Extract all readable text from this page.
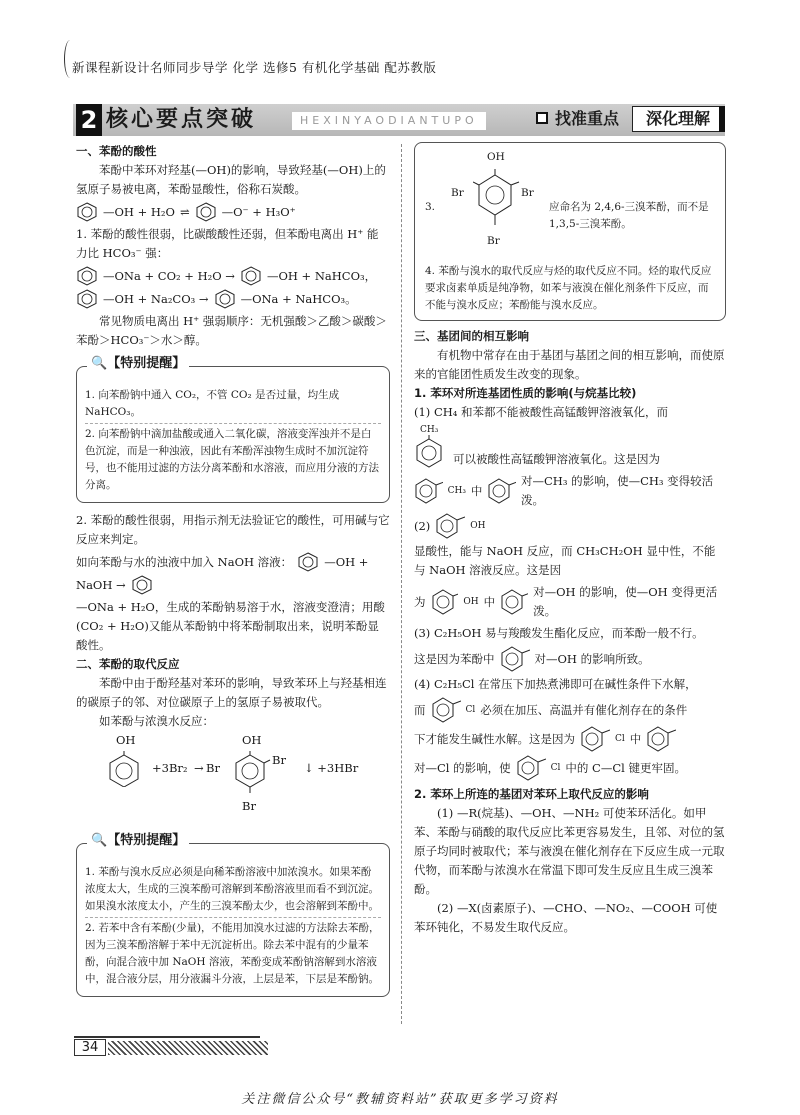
新课程新设计名师同步导学 化学 选修5 有机化学基础 配苏教版
2 核心要点突破	HEXINYAODIANTUPO	找准重点	深化理解
一、苯酚的酸性

苯酚中苯环对羟基(—OH)的影响，导致羟基(—OH)上的氢原子易被电离，苯酚显酸性，俗称石炭酸。

—OH + H₂O ⇌	—O⁻ + H₃O⁺

1. 苯酚的酸性很弱，比碳酸酸性还弱，但苯酚电离出 H⁺ 能力比 HCO₃⁻ 强：

—ONa + CO₂ + H₂O →	—OH + NaHCO₃，
—OH + Na₂CO₃ →	—ONa + NaHCO₃。

常见物质电离出 H⁺ 强弱顺序：无机强酸＞乙酸＞碳酸＞苯酚＞HCO₃⁻＞水＞醇。

🔍【特别提醒】
1. 向苯酚钠中通入 CO₂，不管 CO₂ 是否过量，均生成 NaHCO₃。
2. 向苯酚钠中滴加盐酸或通入二氧化碳，溶液变浑浊并不是白色沉淀，而是一种浊液，因此有苯酚浑浊物生成时不加沉淀符号，也不能用过滤的方法分离苯酚和水溶液，而应用分液的方法分离。

2. 苯酚的酸性很弱，用指示剂无法验证它的酸性，可用碱与它反应来判定。

如向苯酚与水的浊液中加入 NaOH 溶液：	—OH +
NaOH →

—ONa + H₂O，生成的苯酚钠易溶于水，溶液变澄清；用酸(CO₂ + H₂O)又能从苯酚钠中将苯酚制取出来，说明苯酚显酸性。

二、苯酚的取代反应

苯酚中由于酚羟基对苯环的影响，导致苯环上与羟基相连的碳原子的邻、对位碳原子上的氢原子易被取代。

如苯酚与浓溴水反应：

OH
+3Br₂ → Br
OH
Br
Br
↓ +3HBr
🔍【特别提醒】
1. 苯酚与溴水反应必须是向稀苯酚溶液中加浓溴水。如果苯酚浓度太大，生成的三溴苯酚可溶解到苯酚溶液里而看不到沉淀。如果溴水浓度太小，产生的三溴苯酚太少，也会溶解到苯酚中。
2. 若苯中含有苯酚(少量)，不能用加溴水过滤的方法除去苯酚，因为三溴苯酚溶解于苯中无沉淀析出。除去苯中混有的少量苯酚，向混合液中加 NaOH 溶液，苯酚变成苯酚钠溶解到水溶液中，混合液分层，用分液漏斗分液，上层是苯，下层是苯酚钠。
OH
3.
Br	Br
Br
应命名为 2,4,6-三溴苯酚，而不是 1,3,5-三溴苯酚。
4. 苯酚与溴水的取代反应与烃的取代反应不同。烃的取代反应要求卤素单质是纯净物，如苯与液溴在催化剂条件下反应，而不能与溴水反应；苯酚能与溴水反应。
三、基团间的相互影响

有机物中常存在由于基团与基团之间的相互影响，而使原来的官能团性质发生改变的现象。

1. 苯环对所连基团性质的影响(与烷基比较)

(1) CH₄ 和苯都不能被酸性高锰酸钾溶液氧化，而

CH₃
可以被酸性高锰酸钾溶液氧化。这是因为
CH₃ 中
对—CH₃ 的影响，使—CH₃ 变得较活泼。
(2)	OH

显酸性，能与 NaOH 反应，而 CH₃CH₂OH 显中性，不能与 NaOH 溶液反应。这是因

为	OH 中
对—OH 的影响，使—OH 变得更活泼。

(3) C₂H₅OH 易与羧酸发生酯化反应，而苯酚一般不行。

这是因为苯酚中	对—OH 的影响所致。

(4) C₂H₅Cl 在常压下加热煮沸即可在碱性条件下水解，

而	Cl 必须在加压、高温并有催化剂存在的条件
下才能发生碱性水解。这是因为	Cl 中
对—Cl 的影响，使	Cl 中的 C—Cl 键更牢固。
2. 苯环上所连的基团对苯环上取代反应的影响

(1) —R(烷基)、—OH、—NH₂ 可使苯环活化。如甲苯、苯酚与硝酸的取代反应比苯更容易发生，且邻、对位的氢原子均同时被取代；苯与液溴在催化剂存在下反应生成一元取代物，而苯酚与浓溴水在常温下即可发生反应且生成三溴苯酚。

(2) —X(卤素原子)、—CHO、—NO₂、—COOH 可使苯环钝化，不易发生取代反应。

34
关注微信公众号“教辅资料站”获取更多学习资料
